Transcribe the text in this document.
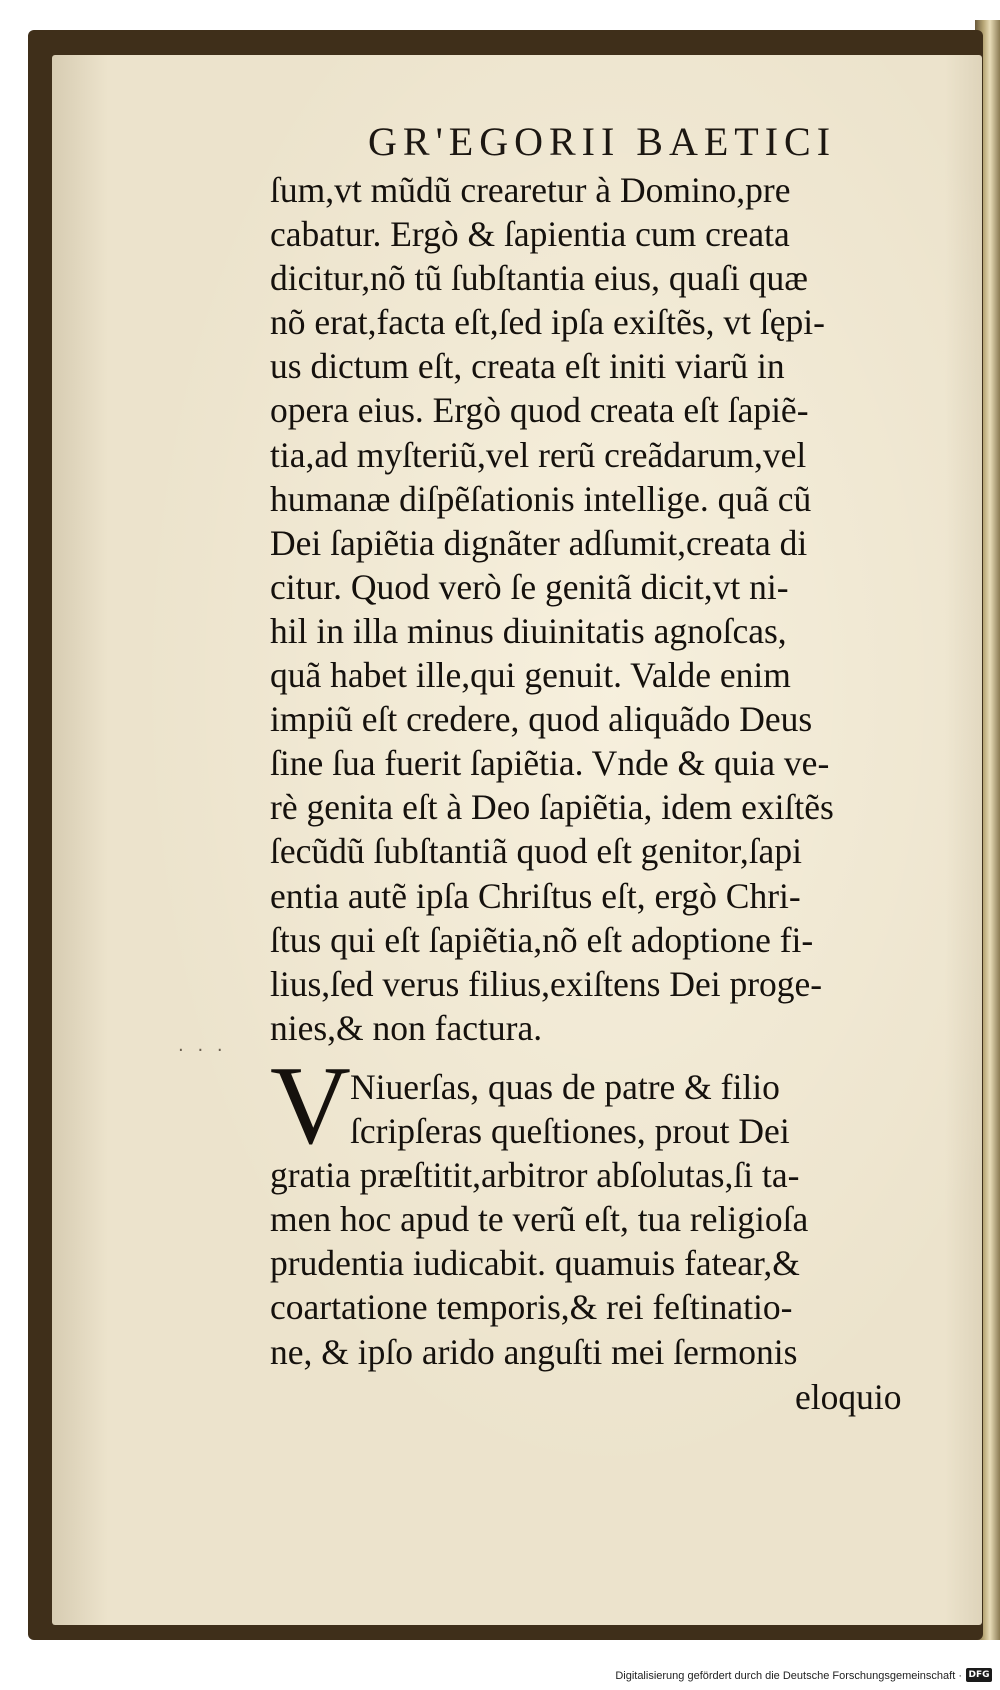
GR'EGORII BAETICI
ſum,vt mũdũ crearetur à Domino,pre
cabatur. Ergò & ſapientia cum creata
dicitur,nõ tũ ſubſtantia eius, quaſi quæ
nõ erat,facta eſt,ſed ipſa exiſtẽs, vt ſępi-
us dictum eſt, creata eſt initi viarũ in
opera eius. Ergò quod creata eſt ſapiẽ-
tia,ad myſteriũ,vel rerũ creãdarum,vel
humanæ diſpẽſationis intellige. quã cũ
Dei ſapiẽtia dignãter adſumit,creata di
citur. Quod verò ſe genitã dicit,vt ni-
hil in illa minus diuinitatis agnoſcas,
quã habet ille,qui genuit. Valde enim
impiũ eſt credere, quod aliquãdo Deus
ſine ſua fuerit ſapiẽtia. Vnde & quia ve-
rè genita eſt à Deo ſapiẽtia, idem exiſtẽs
ſecũdũ ſubſtantiã quod eſt genitor,ſapi
entia autẽ ipſa Chriſtus eſt, ergò Chri-
ſtus qui eſt ſapiẽtia,nõ eſt adoptione fi-
lius,ſed verus filius,exiſtens Dei proge-
nies,& non factura.
. . . V Niuerſas, quas de patre & filio
ſcripſeras queſtiones, prout Dei
gratia præſtitit,arbitror abſolutas,ſi ta-
men hoc apud te verũ eſt, tua religioſa
prudentia iudicabit. quamuis fatear,&
coartatione temporis,& rei feſtinatio-
ne, & ipſo arido anguſti mei ſermonis
eloquio
Digitalisierung gefördert durch die Deutsche Forschungsgemeinschaft · DFG
